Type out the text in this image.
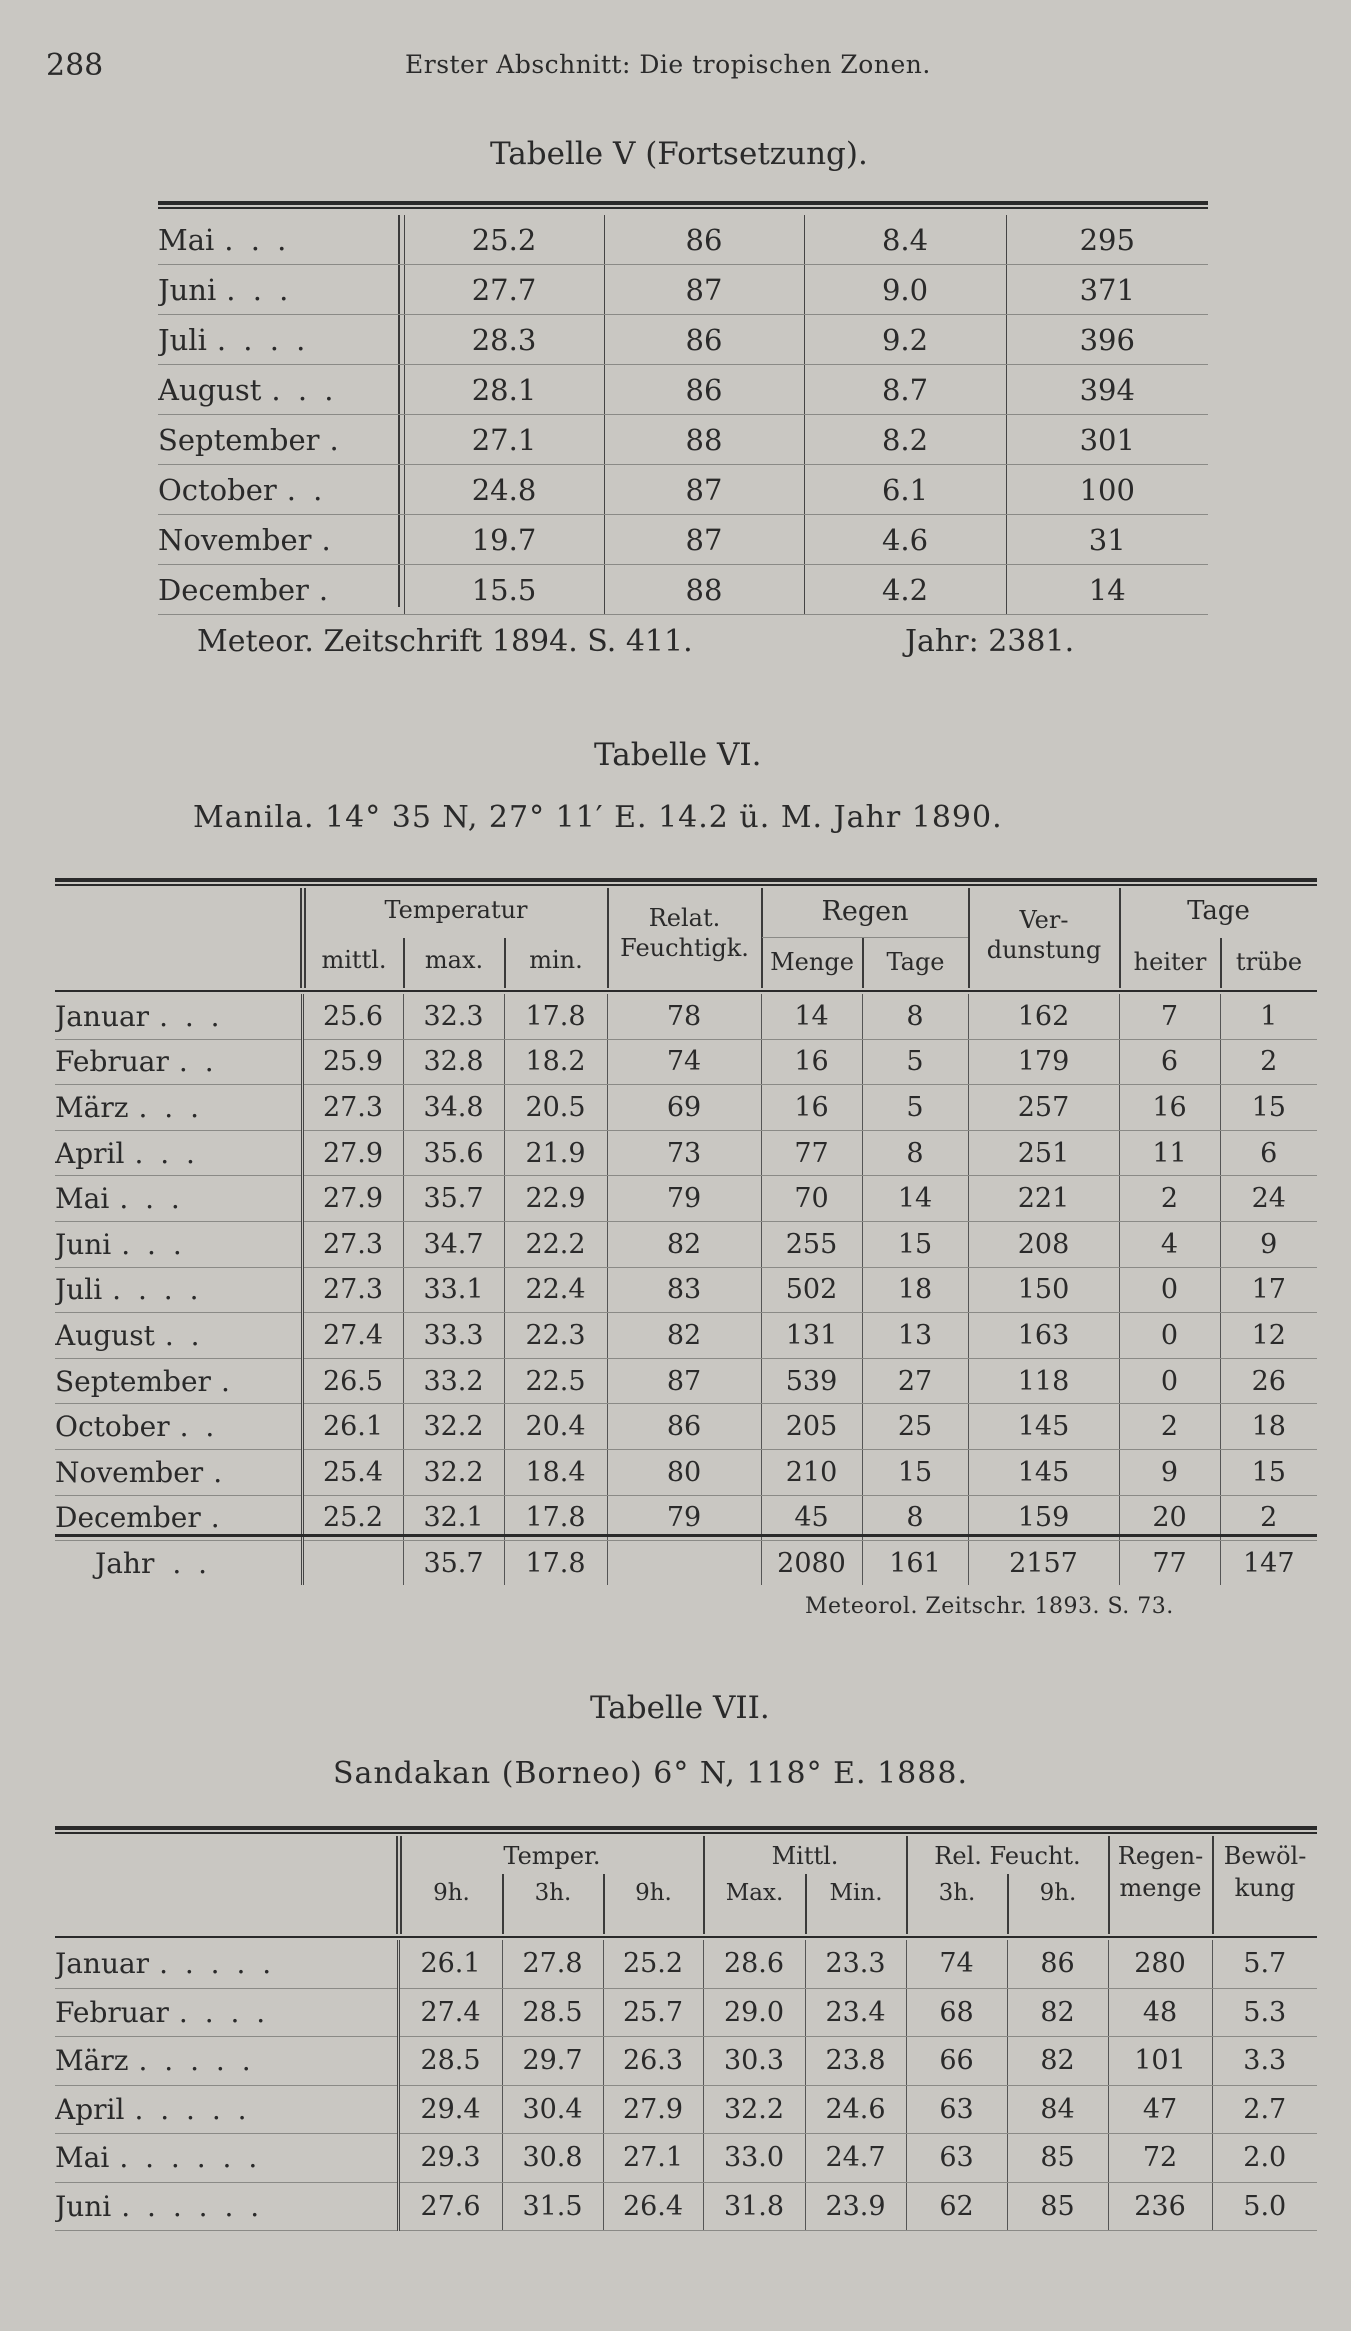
288	Erster Abschnitt: Die tropischen Zonen.
Tabelle V (Fortsetzung).
Mai . . .	25.2	86	8.4	295
Juni . . .	27.7	87	9.0	371
Juli . . . .	28.3	86	9.2	396
August . . .	28.1	86	8.7	394
September .	27.1	88	8.2	301
October . .	24.8	87	6.1	100
November .	19.7	87	4.6	31
December .	15.5	88	4.2	14
Meteor. Zeitschrift 1894. S. 411.	Jahr: 2381.
Tabelle VI.
Manila. 14° 35 N, 27° 11′ E. 14.2 ü. M. Jahr 1890.
Temperatur
mittl.	max.	min.
Relat.
Feuchtigk.
Regen
Menge	Tage
Ver-
dunstung
Tage
heiter	trübe
Januar . . .	25.6	32.3	17.8	78	14	8	162	7	1
Februar . .	25.9	32.8	18.2	74	16	5	179	6	2
März . . .	27.3	34.8	20.5	69	16	5	257	16	15
April . . .	27.9	35.6	21.9	73	77	8	251	11	6
Mai . . .	27.9	35.7	22.9	79	70	14	221	2	24
Juni . . .	27.3	34.7	22.2	82	255	15	208	4	9
Juli . . . .	27.3	33.1	22.4	83	502	18	150	0	17
August . .	27.4	33.3	22.3	82	131	13	163	0	12
September .	26.5	33.2	22.5	87	539	27	118	0	26
October . .	26.1	32.2	20.4	86	205	25	145	2	18
November .	25.4	32.2	18.4	80	210	15	145	9	15
December .	25.2	32.1	17.8	79	45	8	159	20	2
Jahr . .		35.7	17.8		2080	161	2157	77	147
Meteorol. Zeitschr. 1893. S. 73.
Tabelle VII.
Sandakan (Borneo) 6° N, 118° E. 1888.
Temper.
9h.	3h.	9h.
Mittl.
Max.	Min.
Rel. Feucht.
3h.	9h.
Regen-
menge
Bewöl-
kung
Januar . . . . .	26.1	27.8	25.2	28.6	23.3	74	86	280	5.7
Februar . . . .	27.4	28.5	25.7	29.0	23.4	68	82	48	5.3
März . . . . .	28.5	29.7	26.3	30.3	23.8	66	82	101	3.3
April . . . . .	29.4	30.4	27.9	32.2	24.6	63	84	47	2.7
Mai . . . . . .	29.3	30.8	27.1	33.0	24.7	63	85	72	2.0
Juni . . . . . .	27.6	31.5	26.4	31.8	23.9	62	85	236	5.0
